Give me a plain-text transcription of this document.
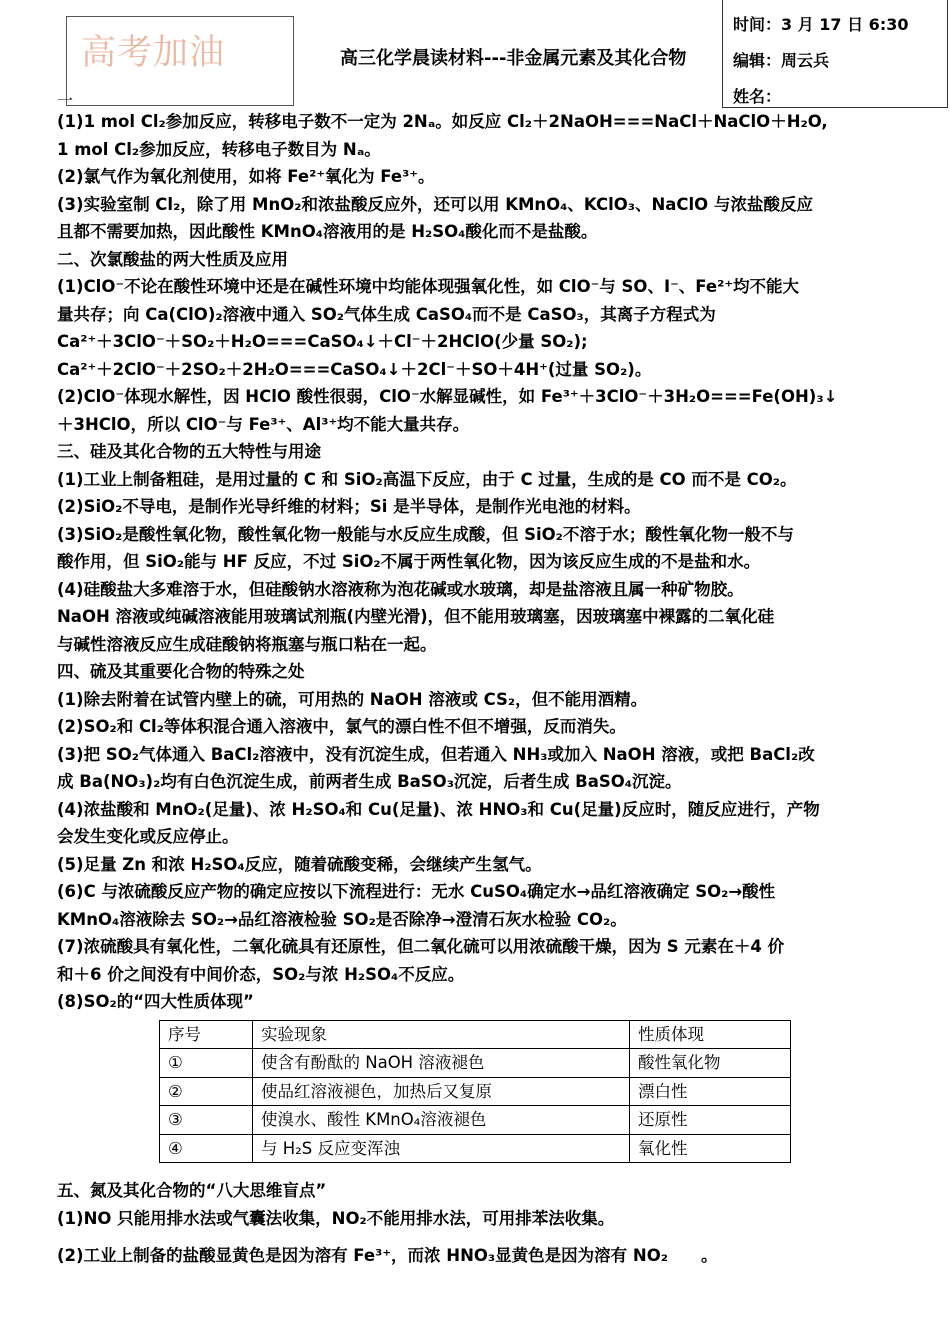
高考加油	高三化学晨读材料---非金属元素及其化合物
一
时间：3 月 17 日 6:30
编辑：周云兵
姓名：

(1)1 mol Cl₂参加反应，转移电子数不一定为 2Nₐ。如反应 Cl₂＋2NaOH===NaCl＋NaClO＋H₂O,

1 mol Cl₂参加反应，转移电子数目为 Nₐ。

(2)氯气作为氧化剂使用，如将 Fe²⁺氧化为 Fe³⁺。

(3)实验室制 Cl₂，除了用 MnO₂和浓盐酸反应外，还可以用 KMnO₄、KClO₃、NaClO 与浓盐酸反应

且都不需要加热，因此酸性 KMnO₄溶液用的是 H₂SO₄酸化而不是盐酸。

二、次氯酸盐的两大性质及应用

(1)ClO⁻不论在酸性环境中还是在碱性环境中均能体现强氧化性，如 ClO⁻与 SO、I⁻、Fe²⁺均不能大

量共存；向 Ca(ClO)₂溶液中通入 SO₂气体生成 CaSO₄而不是 CaSO₃，其离子方程式为

Ca²⁺＋3ClO⁻＋SO₂＋H₂O===CaSO₄↓＋Cl⁻＋2HClO(少量 SO₂);

Ca²⁺＋2ClO⁻＋2SO₂＋2H₂O===CaSO₄↓＋2Cl⁻＋SO＋4H⁺(过量 SO₂)。

(2)ClO⁻体现水解性，因 HClO 酸性很弱，ClO⁻水解显碱性，如 Fe³⁺＋3ClO⁻＋3H₂O===Fe(OH)₃↓

＋3HClO，所以 ClO⁻与 Fe³⁺、Al³⁺均不能大量共存。

三、硅及其化合物的五大特性与用途

(1)工业上制备粗硅，是用过量的 C 和 SiO₂高温下反应，由于 C 过量，生成的是 CO 而不是 CO₂。

(2)SiO₂不导电，是制作光导纤维的材料；Si 是半导体，是制作光电池的材料。

(3)SiO₂是酸性氧化物，酸性氧化物一般能与水反应生成酸，但 SiO₂不溶于水；酸性氧化物一般不与

酸作用，但 SiO₂能与 HF 反应，不过 SiO₂不属于两性氧化物，因为该反应生成的不是盐和水。

(4)硅酸盐大多难溶于水，但硅酸钠水溶液称为泡花碱或水玻璃，却是盐溶液且属一种矿物胶。

NaOH 溶液或纯碱溶液能用玻璃试剂瓶(内壁光滑)，但不能用玻璃塞，因玻璃塞中裸露的二氧化硅

与碱性溶液反应生成硅酸钠将瓶塞与瓶口粘在一起。

四、硫及其重要化合物的特殊之处

(1)除去附着在试管内壁上的硫，可用热的 NaOH 溶液或 CS₂，但不能用酒精。

(2)SO₂和 Cl₂等体积混合通入溶液中，氯气的漂白性不但不增强，反而消失。

(3)把 SO₂气体通入 BaCl₂溶液中，没有沉淀生成，但若通入 NH₃或加入 NaOH 溶液，或把 BaCl₂改

成 Ba(NO₃)₂均有白色沉淀生成，前两者生成 BaSO₃沉淀，后者生成 BaSO₄沉淀。

(4)浓盐酸和 MnO₂(足量)、浓 H₂SO₄和 Cu(足量)、浓 HNO₃和 Cu(足量)反应时，随反应进行，产物

会发生变化或反应停止。

(5)足量 Zn 和浓 H₂SO₄反应，随着硫酸变稀，会继续产生氢气。

(6)C 与浓硫酸反应产物的确定应按以下流程进行：无水 CuSO₄确定水→品红溶液确定 SO₂→酸性

KMnO₄溶液除去 SO₂→品红溶液检验 SO₂是否除净→澄清石灰水检验 CO₂。

(7)浓硫酸具有氧化性，二氧化硫具有还原性，但二氧化硫可以用浓硫酸干燥，因为 S 元素在＋4 价

和＋6 价之间没有中间价态，SO₂与浓 H₂SO₄不反应。

(8)SO₂的“四大性质体现”

序号	实验现象	性质体现
①	使含有酚酞的 NaOH 溶液褪色	酸性氧化物
②	使品红溶液褪色，加热后又复原	漂白性
③	使溴水、酸性 KMnO₄溶液褪色	还原性
④	与 H₂S 反应变浑浊	氧化性

五、氮及其化合物的“八大思维盲点”

(1)NO 只能用排水法或气囊法收集，NO₂不能用排水法，可用排苯法收集。

(2)工业上制备的盐酸显黄色是因为溶有 Fe³⁺，而浓 HNO₃显黄色是因为溶有 NO₂　　。
